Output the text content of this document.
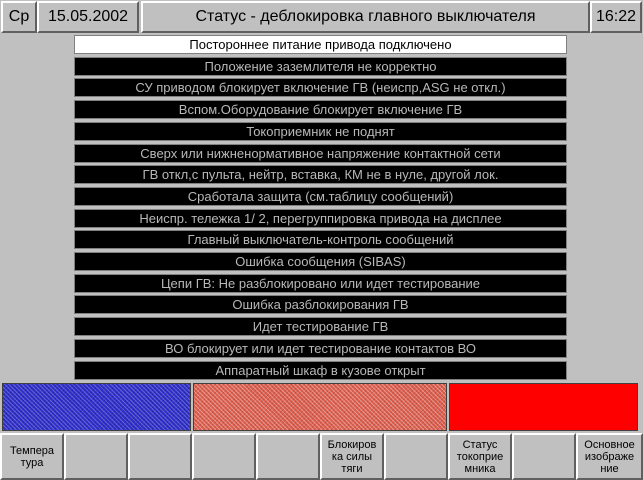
Ср	15.05.2002	Статус - деблокировка главного выключателя	16:22
Постороннее питание привода подключено
Положение заземлителя не корректно
СУ приводом блокирует включение ГВ (неиспр,ASG не откл.)
Вспом.Оборудование блокирует включение ГВ
Токоприемник не поднят
Сверх или нижненормативное напряжение контактной сети
ГВ откл,с пульта, нейтр, вставка, КМ не в нуле, другой лок.
Сработала защита (см.таблицу сообщений)
Неиспр. тележка 1/ 2, перегруппировка привода на дисплее
Главный выключатель-контроль сообщений
Ошибка сообщения (SIBAS)
Цепи ГВ: Не разблокировано или идет тестирование
Ошибка разблокирования ГВ
Идет тестирование ГВ
ВО блокирует или идет тестирование контактов ВО
Аппаратный шкаф в кузове открыт
Темпера
тура
Блокиров
ка силы
тяги
Статус
токоприе
мника
Основное
изображе
ние
